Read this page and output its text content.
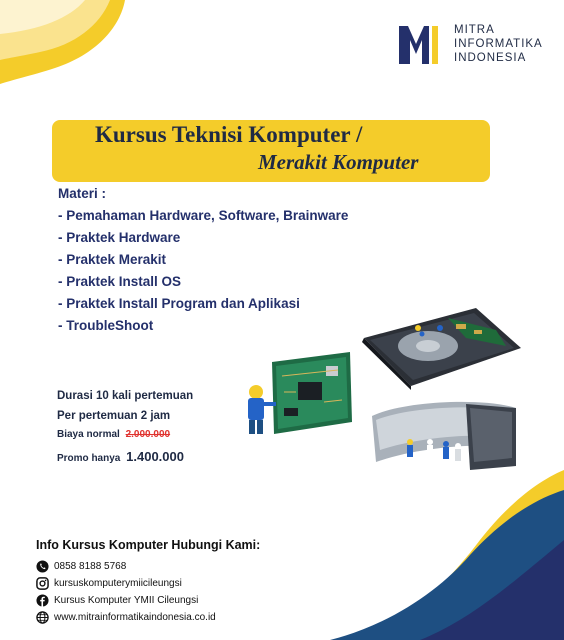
MITRA
INFORMATIKA
INDONESIA
Kursus Teknisi Komputer /
Merakit Komputer
Materi :
- Pemahaman Hardware, Software, Brainware
- Praktek Hardware
- Praktek Merakit
- Praktek Install OS
- Praktek Install Program dan Aplikasi
- TroubleShoot
Durasi 10 kali pertemuan
Per pertemuan 2 jam
Biaya normal 2.000.000
Promo hanya 1.400.000
Info Kursus Komputer Hubungi Kami:
0858 8188 5768
kursuskomputerymiicileungsi
Kursus Komputer YMII Cileungsi
www.mitrainformatikaindonesia.co.id
